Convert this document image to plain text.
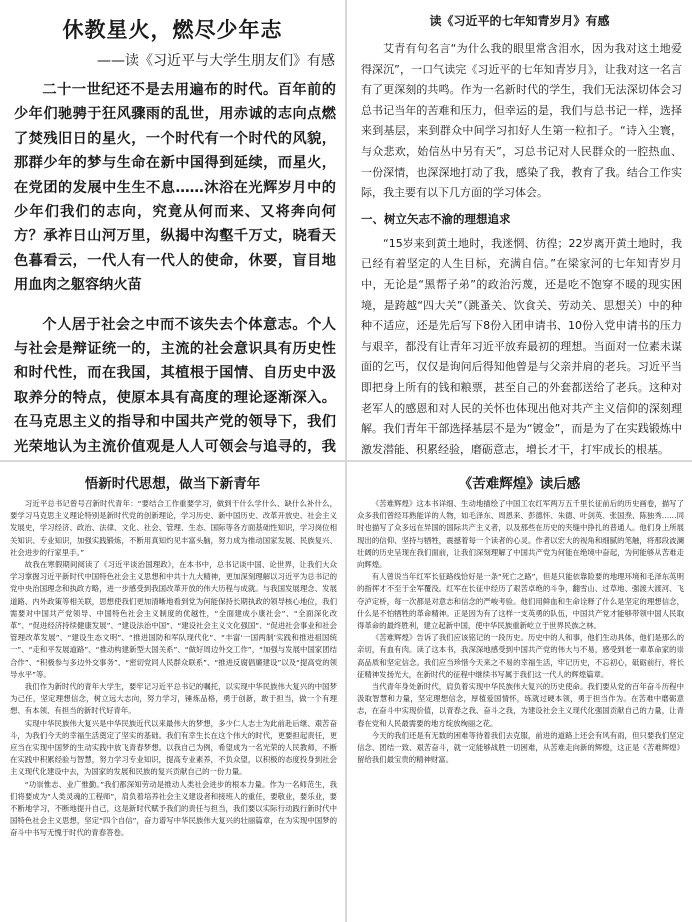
休教星火，燃尽少年志
——读《习近平与大学生朋友们》有感

二十一世纪还不是去用遍布的时代。百年前的少年们驰骋于狂风骤雨的乱世，用赤诚的志向点燃了焚残旧日的星火，一个时代有一个时代的风貌，那群少年的梦与生命在新中国得到延续，而星火，在党团的发展中生生不息……沐浴在光辉岁月中的少年们我们的志向，究竟从何而来、又将奔向何方？承祚日山河万里，纵揭中沟壑千万丈，晓看天色暮看云，一代人有一代人的使命，休要，盲目地用血肉之躯容纳火苗

个人居于社会之中而不该失去个体意志。个人与社会是辩证统一的，主流的社会意识具有历史性和时代性，而在我国，其植根于国情、自历史中汲取养分的特点，使原本具有高度的理论逐渐深入。在马克思主义的指导和中国共产党的领导下，我们光荣地认为主流价值观是人人可领会与追寻的，我

读《习近平的七年知青岁月》有感

艾青有句名言“为什么我的眼里常含泪水，因为我对这土地爱得深沉”，一口气读完《习近平的七年知青岁月》，让我对这一名言有了更深刻的共鸣。作为一名新时代的学生，我们无法深切体会习总书记当年的苦难和压力，但幸运的是，我们与总书记一样，选择来到基层，来到群众中间学习扣好人生第一粒扣子。“诗入尘寰，与众悲欢，始信丛中另有天”，习总书记对人民群众的一腔热血、一份深情，也深深地打动了我，感染了我，教育了我。结合工作实际，我主要有以下几方面的学习体会。

一、树立矢志不渝的理想追求

“15岁来到黄土地时，我迷惘、彷徨；22岁离开黄土地时，我已经有着坚定的人生目标，充满自信。”在梁家河的七年知青岁月中，无论是“黑帮子弟”的政治污蔑，还是吃不饱穿不暖的现实困境，是跨越“四大关”（跳蚤关、饮食关、劳动关、思想关）中的种种不适应，还是先后写下8份入团申请书、10份入党申请书的压力与艰辛，都没有让青年习近平放弃最初的理想。当面对一位素未谋面的乞丐，仅仅是询问后得知他曾是与父亲并肩的老兵。习近平当即把身上所有的钱和粮票，甚至自己的外套都送给了老兵。这种对老军人的感恩和对人民的关怀也体现出他对共产主义信仰的深刻理解。我们青年干部选择基层不是为“镀金”，而是为了在实践锻炼中激发潜能、积累经验，磨砺意志，增长才干，打牢成长的根基。

悟新时代思想，做当下新青年

习近平总书记曾号召新时代青年：“要结合工作重要学习，做到干什么学什么、缺什么补什么，要学习马克思主义理论特别是新时代党的创新理论，学习历史、新中国历史、改革开放史、社会主义发展史，学习经济、政治、法律、文化、社会、管理、生态、国际等各方面基础性知识，学习岗位相关知识、专业知识，加强实践锻炼，不断用真知灼见丰富头脑，努力成为推动国家发展、民族复兴、社会进步的行家里手。”

故我在寒假期间阅读了《习近平谈治国理政》，在本书中，总书记谈中国、论世界，让我们大众学习掌握习近平新时代中国特色社会主义思想和中共十九大精神，更加深刻理解以习近平为总书记的党中央治国理念和执政方略，进一步感受到我国改革开放的伟大历程与成就。与我国发展理念、发展道路、内外政策等相关联，思想使我们更加清晰地看到党为何能保持长期执政的领导核心地位，我们需要对中国共产党领导、中国特色社会主义制度的优越性，“全面建成小康社会”、“全面深化改革”、“促进经济持续健康发展”、“建设法治中国”、“建设社会主义文化强国”、“促进社会事业和社会管理改革发展”、“建设生态文明”、“推进国防和军队现代化”、“丰富‘一国两制’实践和推进祖国统一”、“走和平发展道路”、“推动构建新型大国关系”、“做好周边外交工作”，“加强与发展中国家团结合作”、“积极参与多边外交事务”、“密切党同人民群众联系”、“推进反腐倡廉建设”以及“提高党的领导水平”等。

我们作为新时代的青年大学生，要牢记习近平总书记的嘱托，以实现中华民族伟大复兴的中国梦为己任，坚定理想信念，树立远大志向，努力学习，锤炼品格，勇于创新，敢于担当，做一个有理想、有本领、有担当的新时代好青年。

实现中华民族伟大复兴是中华民族近代以来最伟大的梦想，多少仁人志士为此前赴后继、艰苦奋斗，为我们今天的幸福生活奠定了坚实的基础。我们有幸生长在这个伟大的时代，更要担起责任，更应当在实现中国梦的生动实践中放飞青春梦想。以我自己为例，希望成为一名光荣的人民教师，不断在实践中积累经验与智慧，努力学习专业知识，提高专业素养，不负众望，以积极的态度投身到社会主义现代化建设中去，为国家的发展和民族的复兴贡献自己的一份力量。

“功崇惟志、业广惟勤。”我们都深知劳动是推动人类社会进步的根本力量。作为一名师范生，我们将要成为“人类灵魂的工程师”，肩负着培养社会主义建设者和接班人的重任，要敬业，要乐业，要不断地学习，不断地提升自己，这是新时代赋予我们的责任与担当，我们要以实际行动践行新时代中国特色社会主义思想，坚定“四个自信”，奋力谱写中华民族伟大复兴的壮丽篇章，在为实现中国梦的奋斗中书写无愧于时代的青春答卷。

《苦难辉煌》读后感

《苦难辉煌》这本书详细、生动地描绘了中国工农红军两万五千里长征前后的历史画卷，描写了众多我们曾经耳熟能详的人物，如毛泽东、周恩来、彭德怀、朱德、叶剑英、张国焘、陈独秀……同时也描写了众多远在异国的国际共产主义者，以及那些在历史的夹缝中挣扎的普通人。他们身上所展现出的信仰、坚持与牺牲，震撼着每一个读者的心灵。作者以宏大的视角和细腻的笔触，将那段波澜壮阔的历史呈现在我们面前，让我们深刻理解了中国共产党为何能在绝境中奋起，为何能够从苦难走向辉煌。

有人曾说当年红军长征路线恰好是一条“死亡之路”，但是只能依靠险要的地理环境和毛泽东英明的指挥才不至于全军覆没。红军在长征中经历了艰苦卓绝的斗争，翻雪山、过草地、强渡大渡河、飞夺泸定桥，每一次都是对意志和信念的严峻考验。他们用鲜血和生命诠释了什么是坚定的理想信念，什么是不怕牺牲的革命精神。正是因为有了这样一支英勇的队伍，中国共产党才能够带领中国人民取得革命的最终胜利，建立起新中国，使中华民族重新屹立于世界民族之林。

《苦难辉煌》告诉了我们应该铭记的一段历史。历史中的人和事，他们生动具体，他们是那么的亲切，有血有肉。读了这本书，我深深地感受到中国共产党的伟大与不易，感受到老一辈革命家的崇高品质和坚定信念。我们应当珍惜今天来之不易的幸福生活，牢记历史，不忘初心，砥砺前行，将长征精神发扬光大，在新时代的征程中继续书写属于我们这一代人的辉煌篇章。

当代青年身处新时代，肩负着实现中华民族伟大复兴的历史使命。我们要从党的百年奋斗历程中汲取智慧和力量，坚定理想信念，厚植爱国情怀，练就过硬本领，勇于担当作为。在苦难中磨砺意志，在奋斗中实现价值，以青春之我、奋斗之我，为建设社会主义现代化强国贡献自己的力量，让青春在党和人民最需要的地方绽放绚丽之花。

今天的我们还是有无数的困难等待着我们去克服，前进的道路上还会有风有雨，但只要我们坚定信念、团结一致、艰苦奋斗，就一定能够战胜一切困难，从苦难走向新的辉煌，这正是《苦难辉煌》留给我们最宝贵的精神财富。
